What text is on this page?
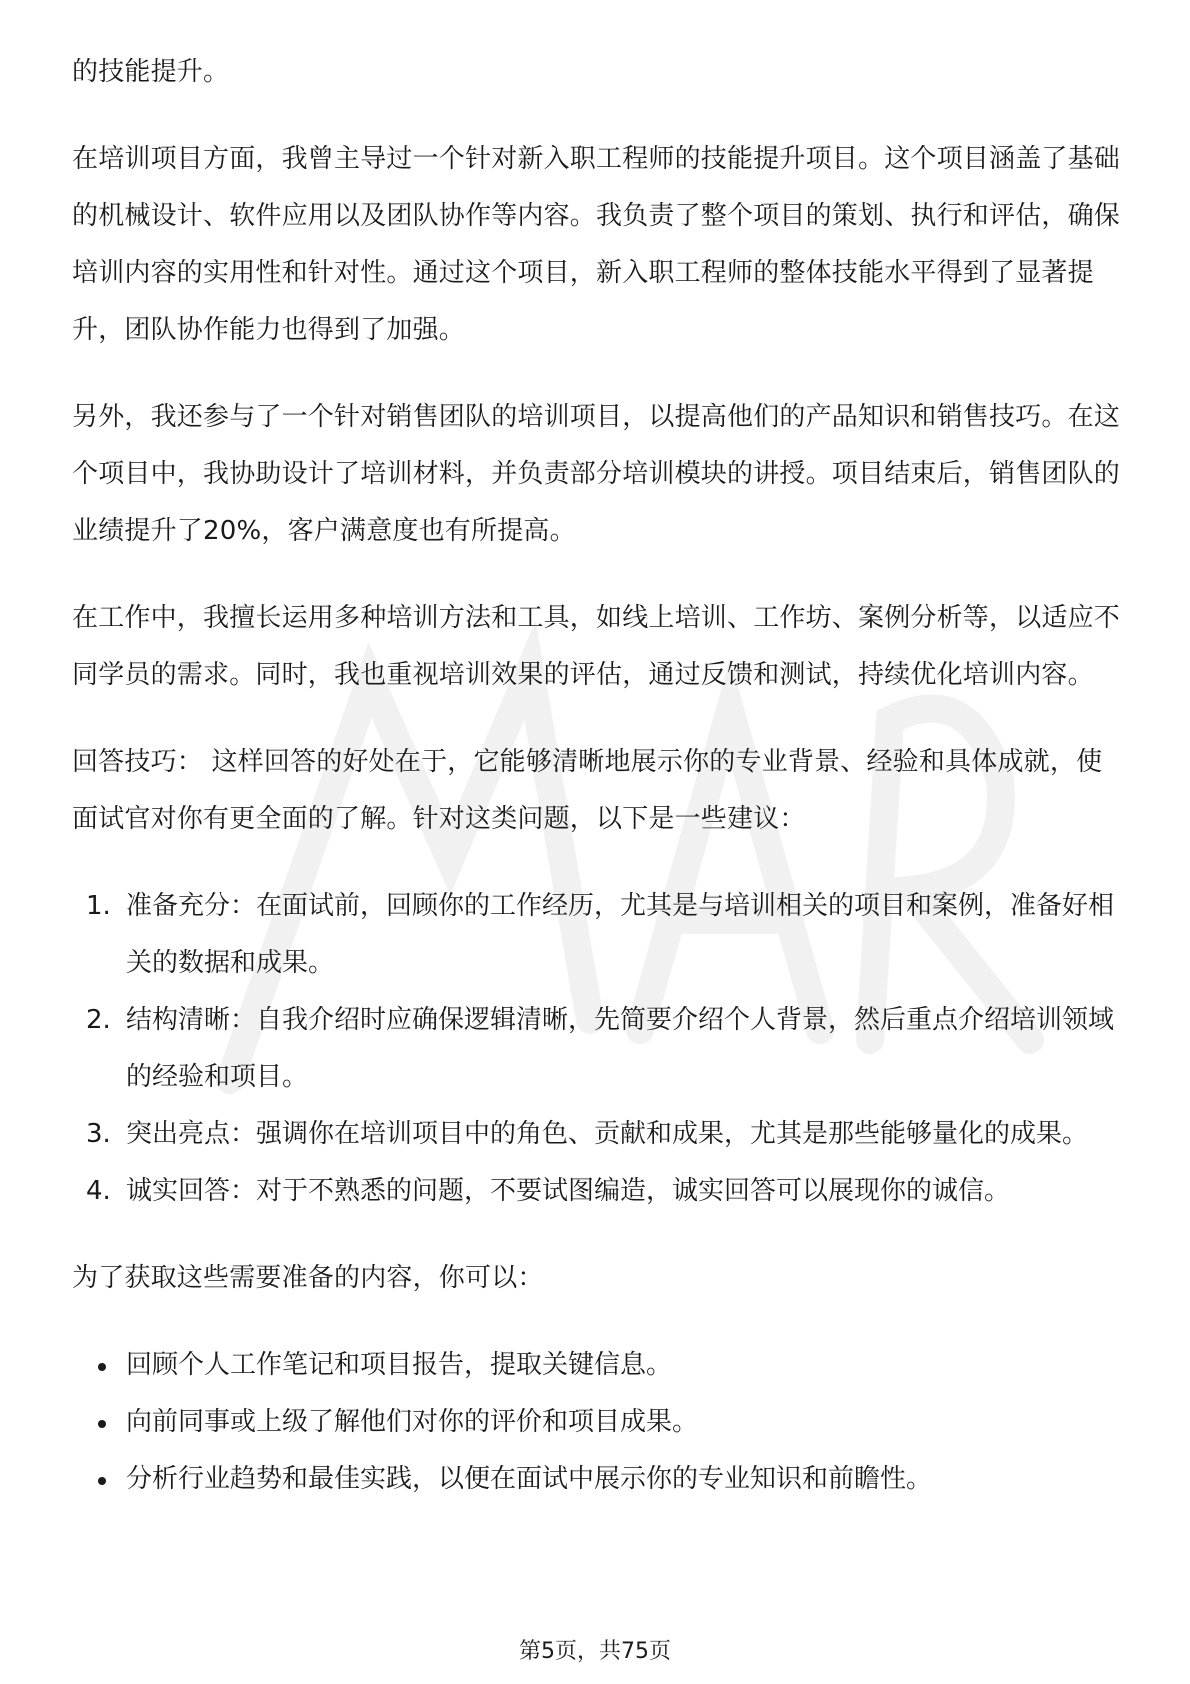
的技能提升。

在培训项目方面，我曾主导过一个针对新入职工程师的技能提升项目。这个项目涵盖了基础的机械设计、软件应用以及团队协作等内容。我负责了整个项目的策划、执行和评估，确保培训内容的实用性和针对性。通过这个项目，新入职工程师的整体技能水平得到了显著提升，团队协作能力也得到了加强。

另外，我还参与了一个针对销售团队的培训项目，以提高他们的产品知识和销售技巧。在这个项目中，我协助设计了培训材料，并负责部分培训模块的讲授。项目结束后，销售团队的业绩提升了20%，客户满意度也有所提高。

在工作中，我擅长运用多种培训方法和工具，如线上培训、工作坊、案例分析等，以适应不同学员的需求。同时，我也重视培训效果的评估，通过反馈和测试，持续优化培训内容。

回答技巧： 这样回答的好处在于，它能够清晰地展示你的专业背景、经验和具体成就，使面试官对你有更全面的了解。针对这类问题，以下是一些建议：

1. 准备充分：在面试前，回顾你的工作经历，尤其是与培训相关的项目和案例，准备好相关的数据和成果。
2. 结构清晰：自我介绍时应确保逻辑清晰，先简要介绍个人背景，然后重点介绍培训领域的经验和项目。
3. 突出亮点：强调你在培训项目中的角色、贡献和成果，尤其是那些能够量化的成果。
4. 诚实回答：对于不熟悉的问题，不要试图编造，诚实回答可以展现你的诚信。

为了获取这些需要准备的内容，你可以：

回顾个人工作笔记和项目报告，提取关键信息。
向前同事或上级了解他们对你的评价和项目成果。
分析行业趋势和最佳实践，以便在面试中展示你的专业知识和前瞻性。
第5页，共75页
